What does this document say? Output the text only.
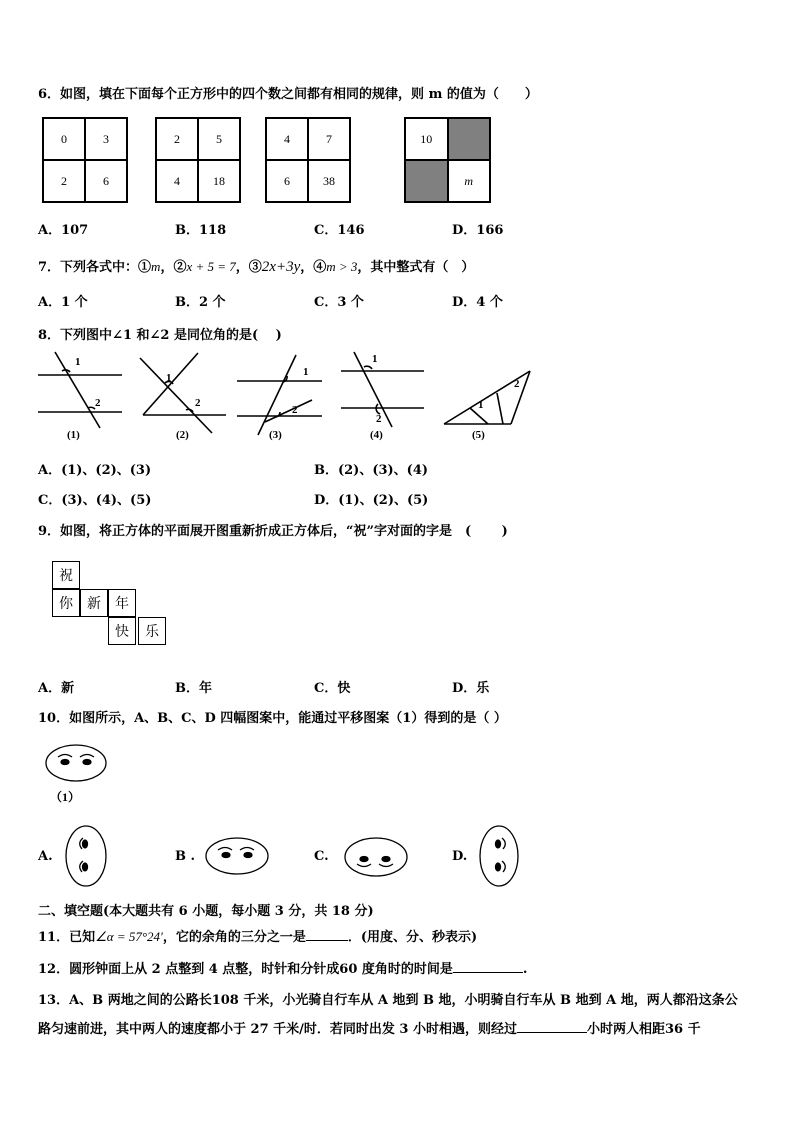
6．如图，填在下面每个正方形中的四个数之间都有相同的规律，则 m 的值为（　　）
0	3
2	6
2	5
4	18
4	7
6	38
10
m
A．107	B．118	C．146	D．166
7．下列各式中：①m，②x + 5 = 7，③2x+3y，④m > 3，其中整式有（　）
A．1 个	B．2 个	C．3 个	D．4 个
8．下列图中∠1 和∠2 是同位角的是(　 )
1
2
1
2
1
2
1
2
1
2
(1)	(2)	(3)	(4)	(5)
A．(1)、(2)、(3)	B．(2)、(3)、(4)
C．(3)、(4)、(5)	D．(1)、(2)、(5)
9．如图，将正方体的平面展开图重新折成正方体后，“祝”字对面的字是　(　　 )
祝
你	新	年
快	乐
A．新	B．年	C．快	D．乐
10．如图所示，A、B、C、D 四幅图案中，能通过平移图案（1）得到的是（ ）
（1）
A.	B .	C.	D.
二、填空题(本大题共有 6 小题，每小题 3 分，共 18 分)
11．已知∠α = 57°24′，它的余角的三分之一是	．(用度、分、秒表示)
12．圆形钟面上从 2 点整到 4 点整，时针和分针成60 度角时的时间是	.
13．A、B 两地之间的公路长108 千米，小光骑自行车从 A 地到 B 地，小明骑自行车从 B 地到 A 地，两人都沿这条公
路匀速前进，其中两人的速度都小于 27 千米/时．若同时出发 3 小时相遇，则经过	小时两人相距36 千
